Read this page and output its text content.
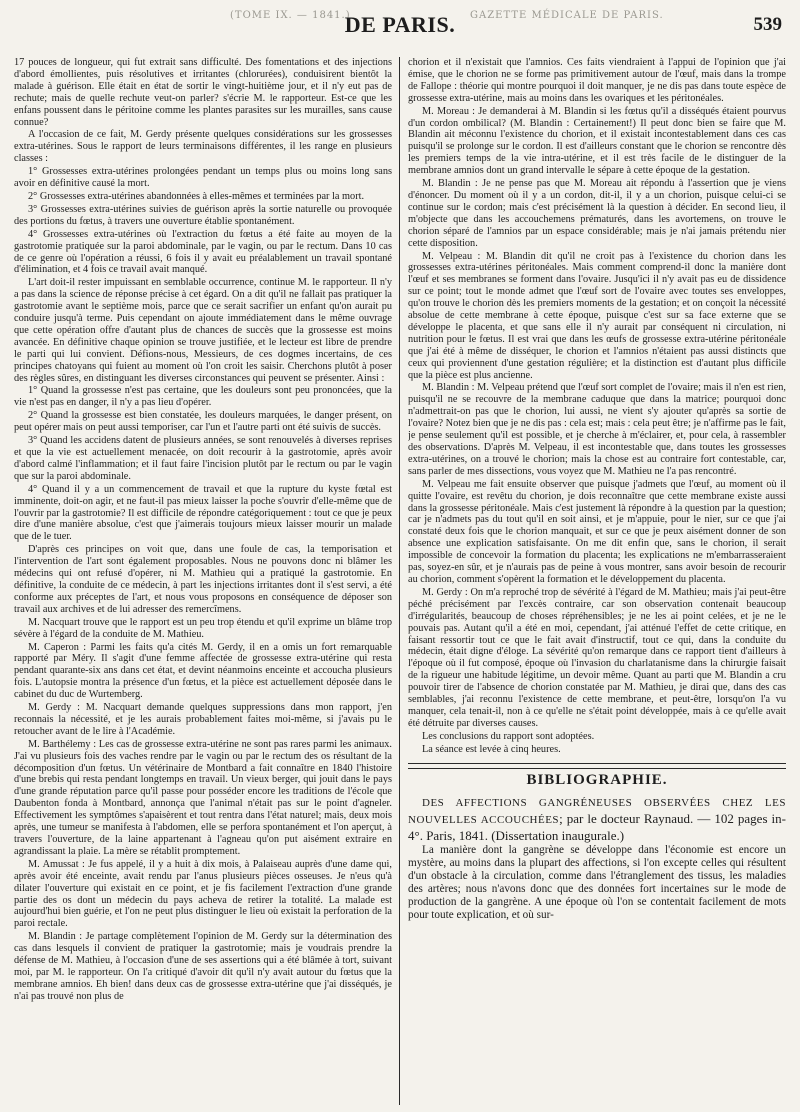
(TOME IX. — 1841.)
DE PARIS.	GAZETTE MÉDICALE DE PARIS.	539

17 pouces de longueur, qui fut extrait sans difficulté. Des fomentations et des injections d'abord émollientes, puis résolutives et irritantes (chlorurées), conduisirent bientôt la malade à guérison. Elle était en état de sortir le vingt-huitième jour, et il n'y eut pas de rechute; mais de quelle rechute veut-on parler? s'écrie M. le rapporteur. Est-ce que les enfans poussent dans le péritoine comme les plantes parasites sur les murailles, sans cause connue?

A l'occasion de ce fait, M. Gerdy présente quelques considérations sur les grossesses extra-utérines. Sous le rapport de leurs terminaisons différentes, il les range en plusieurs classes :

1° Grossesses extra-utérines prolongées pendant un temps plus ou moins long sans avoir en définitive causé la mort.

2° Grossesses extra-utérines abandonnées à elles-mêmes et terminées par la mort.

3° Grossesses extra-utérines suivies de guérison après la sortie naturelle ou provoquée des portions du fœtus, à travers une ouverture établie spontanément.

4° Grossesses extra-utérines où l'extraction du fœtus a été faite au moyen de la gastrotomie pratiquée sur la paroi abdominale, par le vagin, ou par le rectum. Dans 10 cas de ce genre où l'opération a réussi, 6 fois il y avait eu préalablement un travail spontané d'élimination, et 4 fois ce travail avait manqué.

L'art doit-il rester impuissant en semblable occurrence, continue M. le rapporteur. Il n'y a pas dans la science de réponse précise à cet égard. On a dit qu'il ne fallait pas pratiquer la gastrotomie avant le septième mois, parce que ce serait sacrifier un enfant qu'on aurait pu conduire jusqu'à terme. Puis cependant on ajoute immédiatement dans le même ouvrage que cette opération offre d'autant plus de chances de succès que la grossesse est moins avancée. En définitive chaque opinion se trouve justifiée, et le lecteur est libre de prendre le parti qui lui convient. Défions-nous, Messieurs, de ces dogmes incertains, de ces principes chatoyans qui fuient au moment où l'on croit les saisir. Cherchons plutôt à poser des règles sûres, en distinguant les diverses circonstances qui peuvent se présenter. Ainsi :

1° Quand la grossesse n'est pas certaine, que les douleurs sont peu prononcées, que la vie n'est pas en danger, il n'y a pas lieu d'opérer.

2° Quand la grossesse est bien constatée, les douleurs marquées, le danger présent, on peut opérer mais on peut aussi temporiser, car l'un et l'autre parti ont été suivis de succès.

3° Quand les accidens datent de plusieurs années, se sont renouvelés à diverses reprises et que la vie est actuellement menacée, on doit recourir à la gastrotomie, après avoir d'abord calmé l'inflammation; et il faut faire l'incision plutôt par le rectum ou par le vagin que sur la paroi abdominale.

4° Quand il y a un commencement de travail et que la rupture du kyste fœtal est imminente, doit-on agir, et ne faut-il pas mieux laisser la poche s'ouvrir d'elle-même que de l'ouvrir par la gastrotomie? Il est difficile de répondre catégoriquement : tout ce que je peux dire d'une manière absolue, c'est que j'aimerais toujours mieux laisser mourir un malade que de le tuer.

D'après ces principes on voit que, dans une foule de cas, la temporisation et l'intervention de l'art sont également proposables. Nous ne pouvons donc ni blâmer les médecins qui ont refusé d'opérer, ni M. Mathieu qui a pratiqué la gastrotomie. En définitive, la conduite de ce médecin, à part les injections irritantes dont il s'est servi, a été conforme aux préceptes de l'art, et nous vous proposons en conséquence de déposer son travail aux archives et de lui adresser des remercîmens.

M. Nacquart trouve que le rapport est un peu trop étendu et qu'il exprime un blâme trop sévère à l'égard de la conduite de M. Mathieu.

M. Caperon : Parmi les faits qu'a cités M. Gerdy, il en a omis un fort remarquable rapporté par Méry. Il s'agit d'une femme affectée de grossesse extra-utérine qui resta pendant quarante-six ans dans cet état, et devint néanmoins enceinte et accoucha plusieurs fois. L'autopsie montra la présence d'un fœtus, et la pièce est actuellement déposée dans le cabinet du duc de Wurtemberg.

M. Gerdy : M. Nacquart demande quelques suppressions dans mon rapport, j'en reconnais la nécessité, et je les aurais probablement faites moi-même, si j'avais pu le retoucher avant de le lire à l'Académie.

M. Barthélemy : Les cas de grossesse extra-utérine ne sont pas rares parmi les animaux. J'ai vu plusieurs fois des vaches rendre par le vagin ou par le rectum des os résultant de la décomposition d'un fœtus. Un vétérinaire de Montbard a fait connaître en 1840 l'histoire d'une brebis qui resta pendant longtemps en travail. Un vieux berger, qui jouit dans le pays d'une grande réputation parce qu'il passe pour posséder encore les traditions de l'école que Daubenton fonda à Montbard, annonça que l'animal n'était pas sur le point d'agneler. Effectivement les symptômes s'apaisèrent et tout rentra dans l'état naturel; mais, deux mois après, une tumeur se manifesta à l'abdomen, elle se perfora spontanément et l'on aperçut, à travers l'ouverture, de la laine appartenant à l'agneau qu'on put aisément extraire en agrandissant la plaie. La mère se rétablit promptement.

M. Amussat : Je fus appelé, il y a huit à dix mois, à Palaiseau auprès d'une dame qui, après avoir été enceinte, avait rendu par l'anus plusieurs pièces osseuses. Je n'eus qu'à dilater l'ouverture qui existait en ce point, et je fis facilement l'extraction d'une grande partie des os dont un médecin du pays acheva de retirer la totalité. La malade est aujourd'hui bien guérie, et l'on ne peut plus distinguer le lieu où existait la perforation de la paroi rectale.

M. Blandin : Je partage complètement l'opinion de M. Gerdy sur la détermination des cas dans lesquels il convient de pratiquer la gastrotomie; mais je voudrais prendre la défense de M. Mathieu, à l'occasion d'une de ses assertions qui a été blâmée à tort, suivant moi, par M. le rapporteur. On l'a critiqué d'avoir dit qu'il n'y avait autour du fœtus que la membrane amnios. Eh bien! dans deux cas de grossesse extra-utérine que j'ai disséqués, je n'ai pas trouvé non plus de

chorion et il n'existait que l'amnios. Ces faits viendraient à l'appui de l'opinion que j'ai émise, que le chorion ne se forme pas primitivement autour de l'œuf, mais dans la trompe de Fallope : théorie qui montre pourquoi il doit manquer, je ne dis pas dans toute espèce de grossesse extra-utérine, mais au moins dans les ovariques et les péritonéales.

M. Moreau : Je demanderai à M. Blandin si les fœtus qu'il a disséqués étaient pourvus d'un cordon ombilical? (M. Blandin : Certainement!) Il peut donc bien se faire que M. Blandin ait méconnu l'existence du chorion, et il existait incontestablement dans ces cas puisqu'il se prolonge sur le cordon. Il est d'ailleurs constant que le chorion se rencontre dès les premiers temps de la vie intra-utérine, et il est très facile de le distinguer de la membrane amnios dont un grand intervalle le sépare à cette époque de la gestation.

M. Blandin : Je ne pense pas que M. Moreau ait répondu à l'assertion que je viens d'énoncer. Du moment où il y a un cordon, dit-il, il y a un chorion, puisque celui-ci se continue sur le cordon; mais c'est précisément là la question à décider. En second lieu, il m'objecte que dans les accouchemens prématurés, dans les avortemens, on trouve le chorion séparé de l'amnios par un espace considérable; mais je n'ai jamais prétendu nier cette disposition.

M. Velpeau : M. Blandin dit qu'il ne croit pas à l'existence du chorion dans les grossesses extra-utérines péritonéales. Mais comment comprend-il donc la manière dont l'œuf et ses membranes se forment dans l'ovaire. Jusqu'ici il n'y avait pas eu de dissidence sur ce point; tout le monde admet que l'œuf sort de l'ovaire avec toutes ses enveloppes, qu'on trouve le chorion dès les premiers moments de la gestation; et on conçoit la nécessité absolue de cette membrane à cette époque, puisque c'est sur sa face externe que se développe le placenta, et que sans elle il n'y aurait par conséquent ni circulation, ni nutrition pour le fœtus. Il est vrai que dans les œufs de grossesse extra-utérine péritonéale que j'ai été à même de disséquer, le chorion et l'amnios n'étaient pas aussi distincts que ceux qui proviennent d'une gestation régulière; et la distinction est d'autant plus difficile que la pièce est plus ancienne.

M. Blandin : M. Velpeau prétend que l'œuf sort complet de l'ovaire; mais il n'en est rien, puisqu'il ne se recouvre de la membrane caduque que dans la matrice; pourquoi donc n'admettrait-on pas que le chorion, lui aussi, ne vient s'y ajouter qu'après sa sortie de l'ovaire? Notez bien que je ne dis pas : cela est; mais : cela peut être; je n'affirme pas le fait, je pense seulement qu'il est possible, et je cherche à m'éclairer, et, pour cela, à rassembler des observations. D'après M. Velpeau, il est incontestable que, dans toutes les grossesses extra-utérines, on a trouvé le chorion; mais la chose est au contraire fort contestable, car, sans parler de mes dissections, vous voyez que M. Mathieu ne l'a pas rencontré.

M. Velpeau me fait ensuite observer que puisque j'admets que l'œuf, au moment où il quitte l'ovaire, est revêtu du chorion, je dois reconnaître que cette membrane existe aussi dans la grossesse péritonéale. Mais c'est justement là répondre à la question par la question; car je n'admets pas du tout qu'il en soit ainsi, et je m'appuie, pour le nier, sur ce que j'ai constaté deux fois que le chorion manquait, et sur ce que je peux aisément donner de son absence une explication satisfaisante. On me dit enfin que, sans le chorion, il serait impossible de concevoir la formation du placenta; les explications ne m'embarrasseraient pas, soyez-en sûr, et je n'aurais pas de peine à vous montrer, sans avoir besoin de recourir au chorion, comment s'opèrent la formation et le développement du placenta.

M. Gerdy : On m'a reproché trop de sévérité à l'égard de M. Mathieu; mais j'ai peut-être péché précisément par l'excès contraire, car son observation contenait beaucoup d'irrégularités, beaucoup de choses répréhensibles; je ne les ai point celées, et je ne le pouvais pas. Autant qu'il a été en moi, cependant, j'ai atténué l'effet de cette critique, en faisant ressortir tout ce que le fait avait d'instructif, tout ce qui, dans la conduite du médecin, était digne d'éloge. La sévérité qu'on remarque dans ce rapport tient d'ailleurs à l'époque où il fut composé, époque où l'invasion du charlatanisme dans la chirurgie faisait de la rigueur une habitude légitime, un devoir même. Quant au parti que M. Blandin a cru pouvoir tirer de l'absence de chorion constatée par M. Mathieu, je dirai que, dans des cas semblables, j'ai reconnu l'existence de cette membrane, et peut-être, lorsqu'on l'a vu manquer, cela tenait-il, non à ce qu'elle ne s'était point développée, mais à ce qu'elle avait été détruite par diverses causes.

Les conclusions du rapport sont adoptées.

La séance est levée à cinq heures.

BIBLIOGRAPHIE.

DES AFFECTIONS GANGRÉNEUSES OBSERVÉES CHEZ LES NOUVELLES ACCOUCHÉES; par le docteur Raynaud. — 102 pages in-4°. Paris, 1841. (Dissertation inaugurale.)

La manière dont la gangrène se développe dans l'économie est encore un mystère, au moins dans la plupart des affections, si l'on excepte celles qui résultent d'un obstacle à la circulation, comme dans l'étranglement des tissus, les maladies des artères; nous n'avons donc que des données fort incertaines sur le mode de production de la gangrène. A une époque où l'on se contentait facilement de mots pour toute explication, et où sur-
